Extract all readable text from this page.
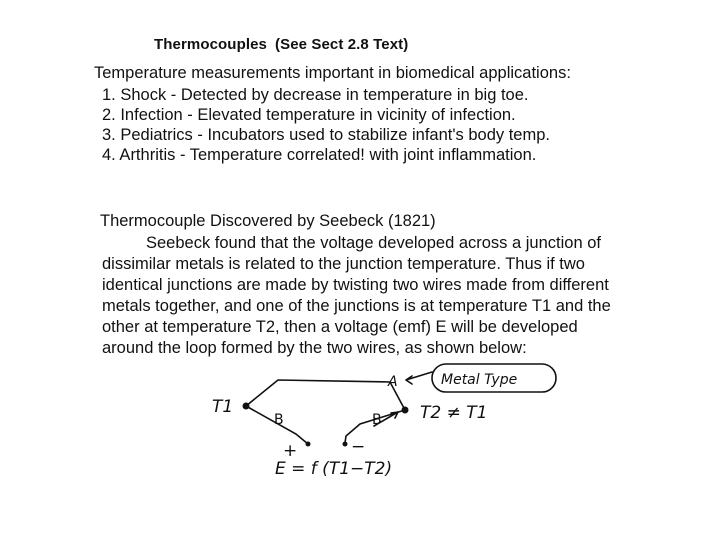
Thermocouples (See Sect 2.8 Text)
Temperature measurements important in biomedical applications:
1. Shock - Detected by decrease in temperature in big toe.
2. Infection - Elevated temperature in vicinity of infection.
3. Pediatrics - Incubators used to stabilize infant's body temp.
4. Arthritis - Temperature correlated! with joint inflammation.
Thermocouple Discovered by Seebeck (1821)
Seebeck found that the voltage developed across a junction of
dissimilar metals is related to the junction temperature. Thus if two
identical junctions are made by twisting two wires made from different
metals together, and one of the junctions is at temperature T1 and the
other at temperature T2, then a voltage (emf) E will be developed
around the loop formed by the two wires, as shown below:
T1
A	Metal Type
B	B T2 ≠ T1
+	−
E = f (T1−T2)
